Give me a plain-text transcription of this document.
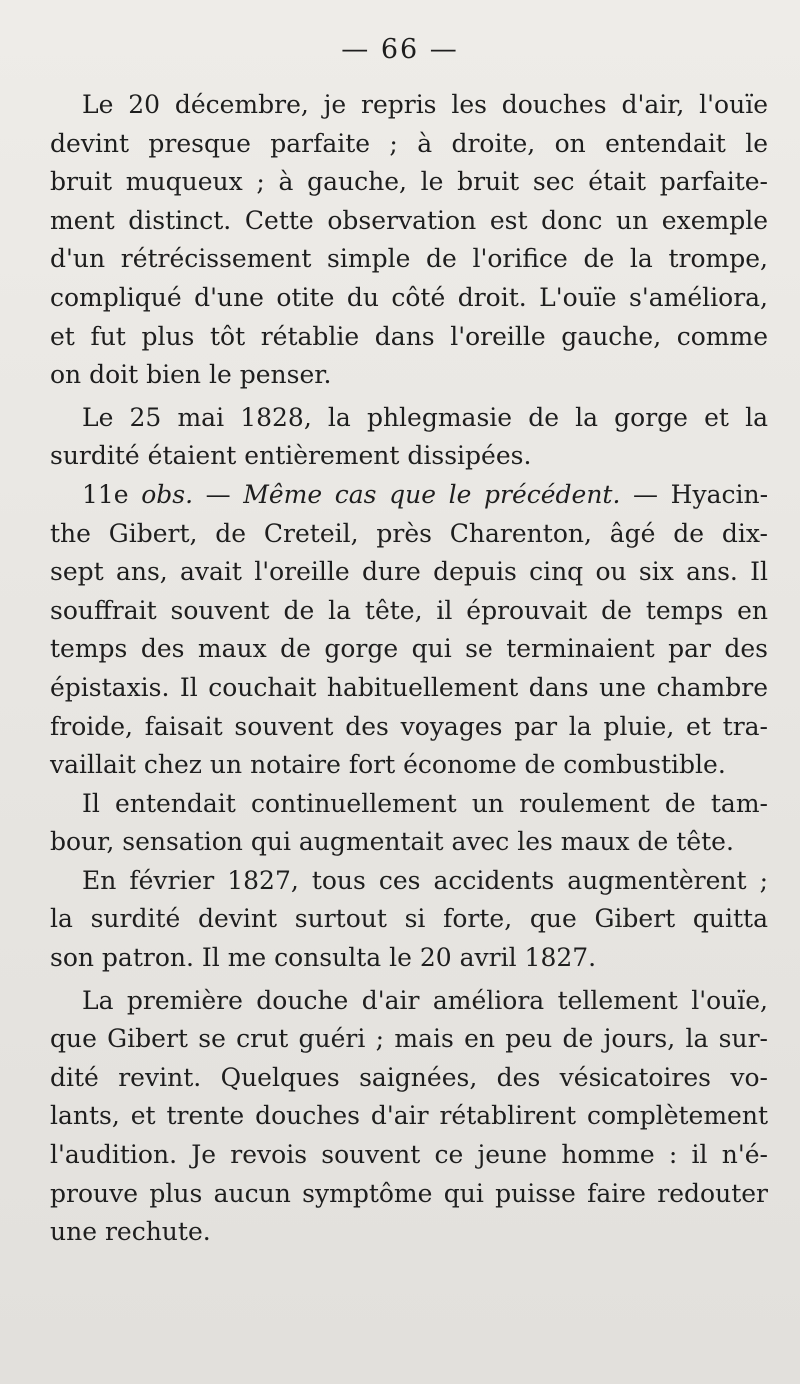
— 66 —
Le 20 décembre, je repris les douches d'air, l'ouïe
devint presque parfaite ; à droite, on entendait le
bruit muqueux ; à gauche, le bruit sec était parfaite-
ment distinct. Cette observation est donc un exemple
d'un rétrécissement simple de l'orifice de la trompe,
compliqué d'une otite du côté droit. L'ouïe s'améliora,
et fut plus tôt rétablie dans l'oreille gauche, comme
on doit bien le penser.
Le 25 mai 1828, la phlegmasie de la gorge et la
surdité étaient entièrement dissipées.
11e obs. — Même cas que le précédent. — Hyacin-
the Gibert, de Creteil, près Charenton, âgé de dix-
sept ans, avait l'oreille dure depuis cinq ou six ans. Il
souffrait souvent de la tête, il éprouvait de temps en
temps des maux de gorge qui se terminaient par des
épistaxis. Il couchait habituellement dans une chambre
froide, faisait souvent des voyages par la pluie, et tra-
vaillait chez un notaire fort économe de combustible.
Il entendait continuellement un roulement de tam-
bour, sensation qui augmentait avec les maux de tête.
En février 1827, tous ces accidents augmentèrent ;
la surdité devint surtout si forte, que Gibert quitta
son patron. Il me consulta le 20 avril 1827.
La première douche d'air améliora tellement l'ouïe,
que Gibert se crut guéri ; mais en peu de jours, la sur-
dité revint. Quelques saignées, des vésicatoires vo-
lants, et trente douches d'air rétablirent complètement
l'audition. Je revois souvent ce jeune homme : il n'é-
prouve plus aucun symptôme qui puisse faire redouter
une rechute.
